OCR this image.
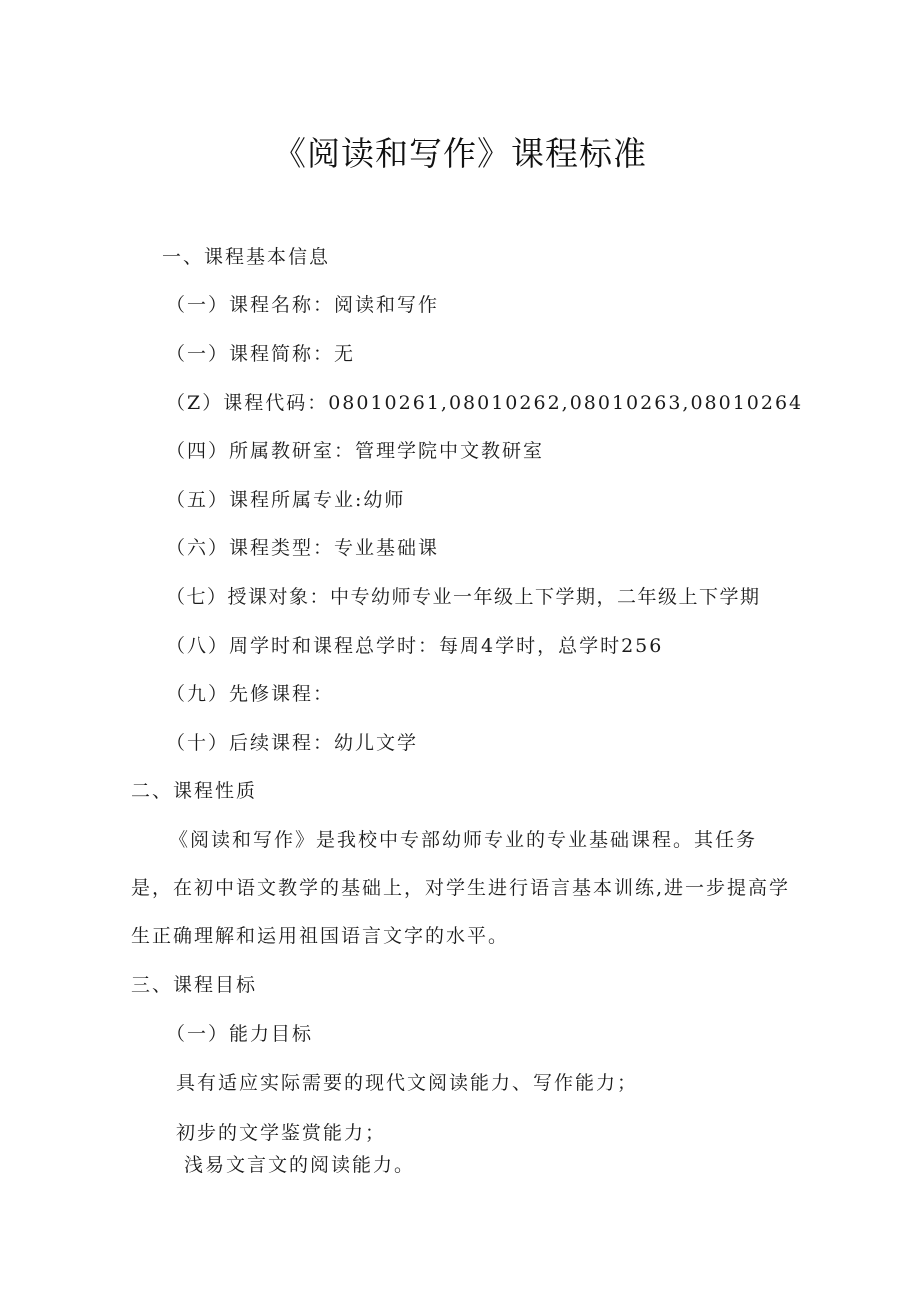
《阅读和写作》课程标准
一、课程基本信息
（一）课程名称：阅读和写作
（一）课程简称：无
（Z）课程代码：08010261,08010262,08010263,08010264
（四）所属教研室：管理学院中文教研室
（五）课程所属专业:幼师
（六）课程类型：专业基础课
（七）授课对象：中专幼师专业一年级上下学期，二年级上下学期
（八）周学时和课程总学时：每周4学时，总学时256
（九）先修课程：
（十）后续课程：幼儿文学
二、课程性质
《阅读和写作》是我校中专部幼师专业的专业基础课程。其任务是，在初中语文教学的基础上，对学生进行语言基本训练,进一步提高学生正确理解和运用祖国语言文字的水平。
三、课程目标
（一）能力目标
具有适应实际需要的现代文阅读能力、写作能力；
初步的文学鉴赏能力；
浅易文言文的阅读能力。
